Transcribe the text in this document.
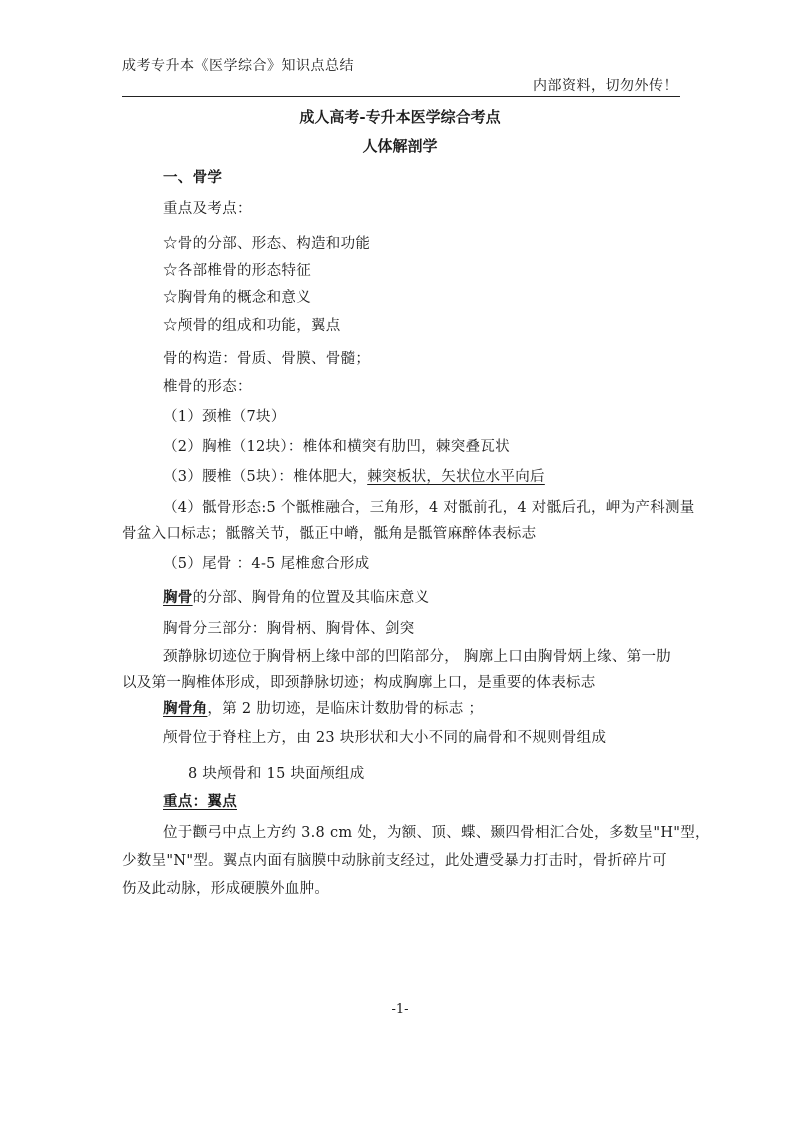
成考专升本《医学综合》知识点总结
内部资料，切勿外传！
成人高考-专升本医学综合考点
人体解剖学
一、骨学
重点及考点：
☆骨的分部、形态、构造和功能
☆各部椎骨的形态特征
☆胸骨角的概念和意义
☆颅骨的组成和功能，翼点
骨的构造：骨质、骨膜、骨髓；
椎骨的形态：
（1）颈椎（7块）
（2）胸椎（12块）：椎体和横突有肋凹，棘突叠瓦状
（3）腰椎（5块）：椎体肥大，棘突板状，矢状位水平向后
（4）骶骨形态:5 个骶椎融合，三角形，4 对骶前孔，4 对骶后孔，岬为产科测量
骨盆入口标志；骶髂关节，骶正中嵴，骶角是骶管麻醉体表标志
（5）尾骨 ：4-5 尾椎愈合形成
胸骨的分部、胸骨角的位置及其临床意义
胸骨分三部分：胸骨柄、胸骨体、剑突
颈静脉切迹位于胸骨柄上缘中部的凹陷部分， 胸廓上口由胸骨炳上缘、第一肋
以及第一胸椎体形成，即颈静脉切迹；构成胸廓上口，是重要的体表标志
胸骨角，第 2 肋切迹，是临床计数肋骨的标志 ；
颅骨位于脊柱上方，由 23 块形状和大小不同的扁骨和不规则骨组成
8 块颅骨和 15 块面颅组成
重点：翼点
位于颧弓中点上方约 3.8 cm 处，为额、顶、蝶、颞四骨相汇合处，多数呈"H"型，
少数呈"N"型。翼点内面有脑膜中动脉前支经过，此处遭受暴力打击时，骨折碎片可
伤及此动脉，形成硬膜外血肿。
-1-
